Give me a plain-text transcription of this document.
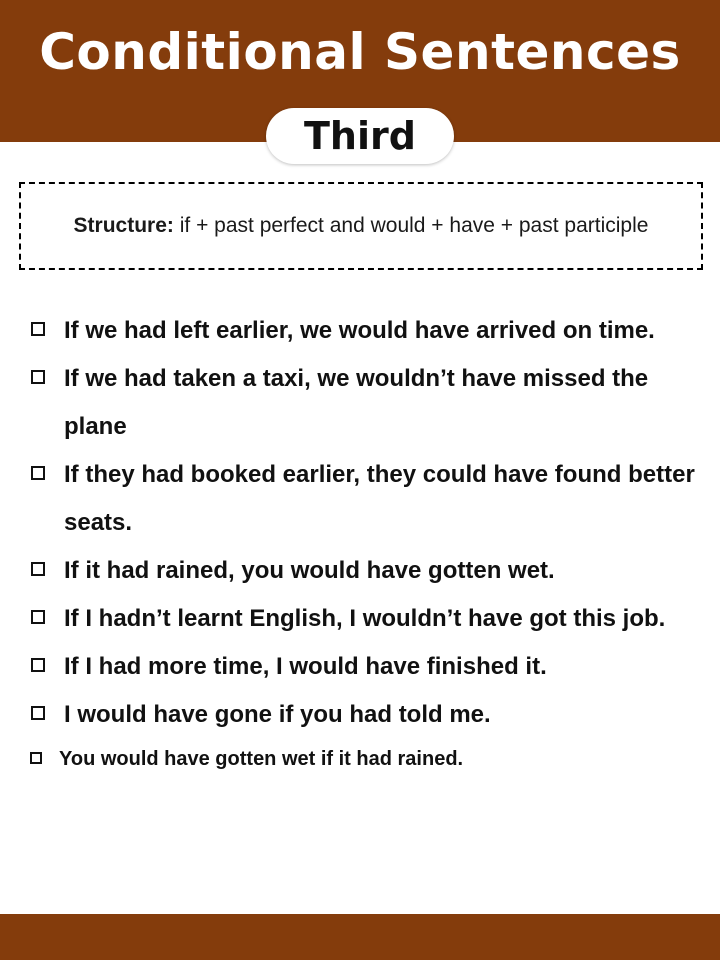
Conditional Sentences
Third
Structure: if + past perfect and would + have + past participle
If we had left earlier, we would have arrived on time.
If we had taken a taxi, we wouldn’t have missed the plane
If they had booked earlier, they could have found better seats.
If it had rained, you would have gotten wet.
If I hadn’t learnt English, I wouldn’t have got this job.
If I had more time, I would have finished it.
I would have gone if you had told me.
You would have gotten wet if it had rained.
